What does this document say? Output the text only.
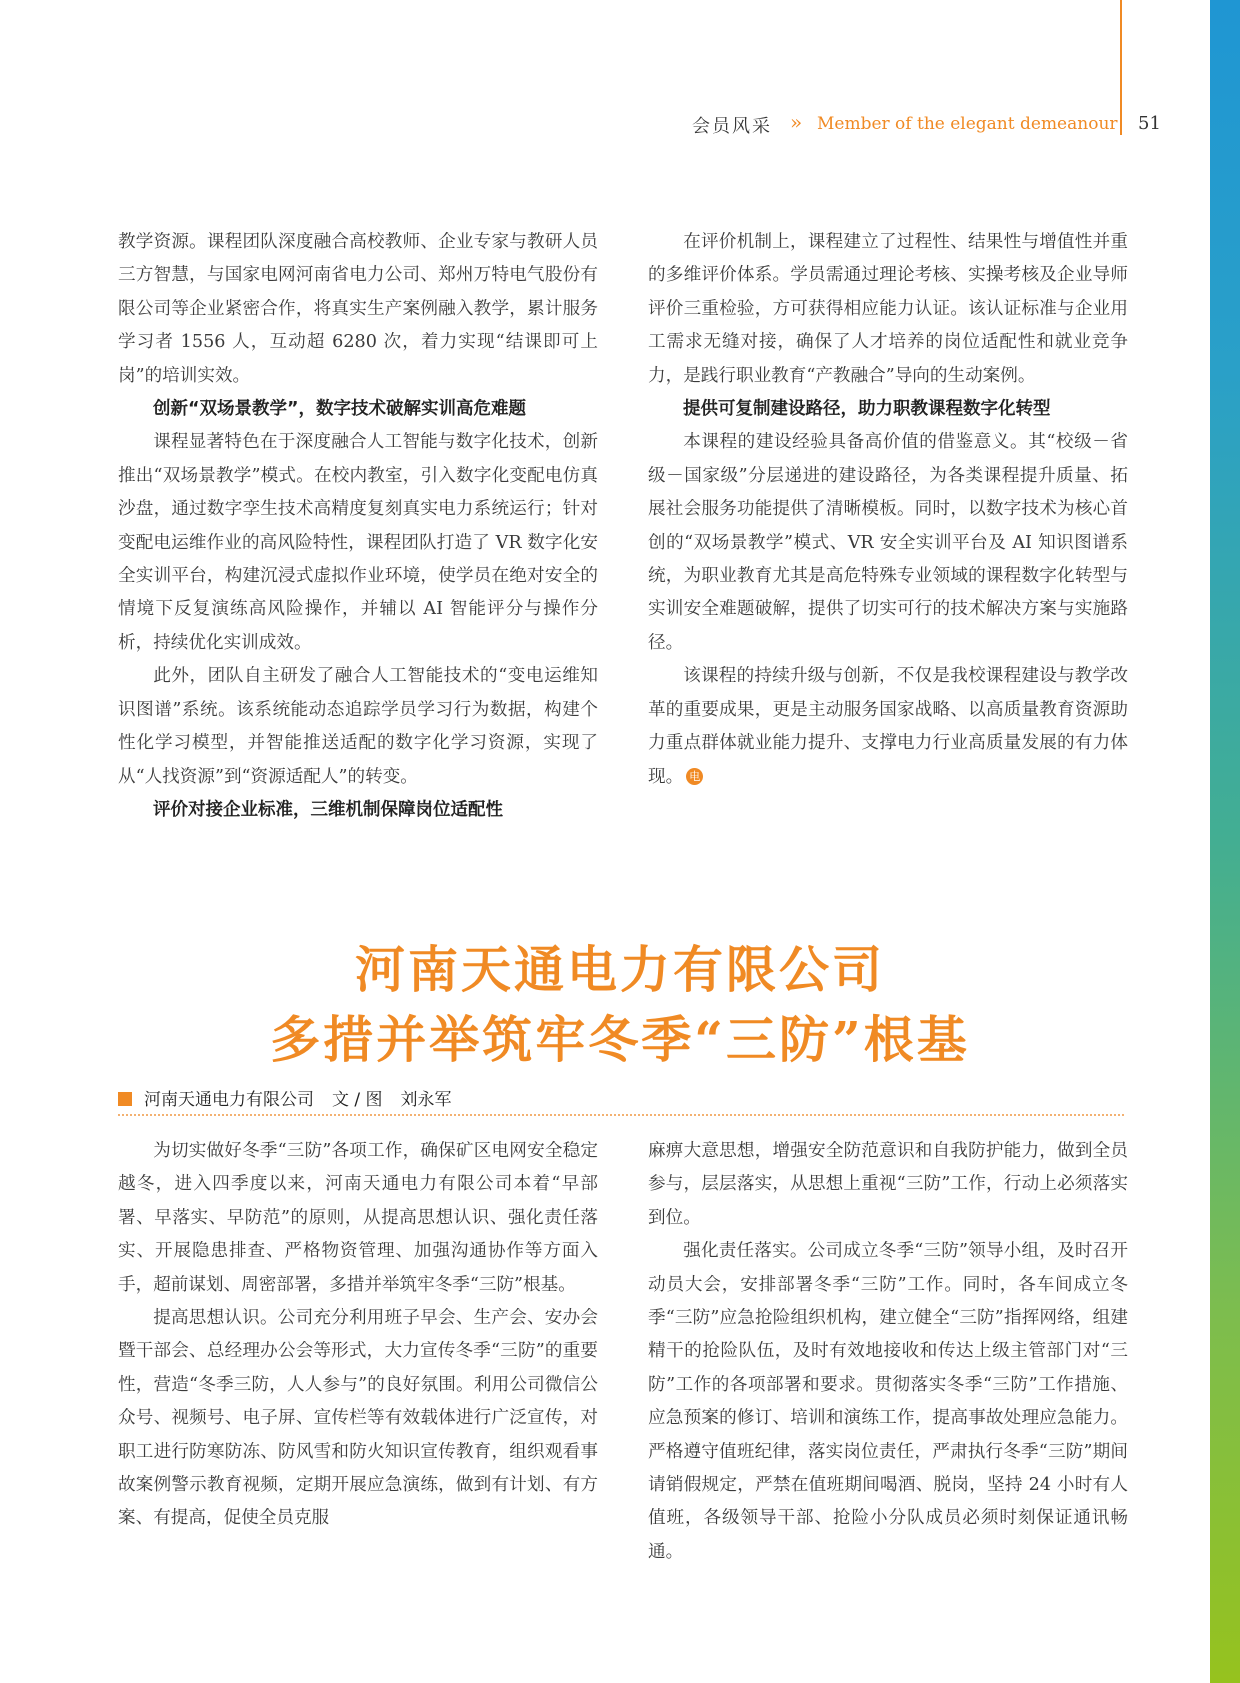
会员风采 » Member of the elegant demeanour 51

教学资源。课程团队深度融合高校教师、企业专家与教研人员三方智慧，与国家电网河南省电力公司、郑州万特电气股份有限公司等企业紧密合作，将真实生产案例融入教学，累计服务学习者 1556 人，互动超 6280 次，着力实现“结课即可上岗”的培训实效。

创新“双场景教学”，数字技术破解实训高危难题

课程显著特色在于深度融合人工智能与数字化技术，创新推出“双场景教学”模式。在校内教室，引入数字化变配电仿真沙盘，通过数字孪生技术高精度复刻真实电力系统运行；针对变配电运维作业的高风险特性，课程团队打造了 VR 数字化安全实训平台，构建沉浸式虚拟作业环境，使学员在绝对安全的情境下反复演练高风险操作，并辅以 AI 智能评分与操作分析，持续优化实训成效。

此外，团队自主研发了融合人工智能技术的“变电运维知识图谱”系统。该系统能动态追踪学员学习行为数据，构建个性化学习模型，并智能推送适配的数字化学习资源，实现了从“人找资源”到“资源适配人”的转变。

评价对接企业标准，三维机制保障岗位适配性

在评价机制上，课程建立了过程性、结果性与增值性并重的多维评价体系。学员需通过理论考核、实操考核及企业导师评价三重检验，方可获得相应能力认证。该认证标准与企业用工需求无缝对接，确保了人才培养的岗位适配性和就业竞争力，是践行职业教育“产教融合”导向的生动案例。

提供可复制建设路径，助力职教课程数字化转型

本课程的建设经验具备高价值的借鉴意义。其“校级－省级－国家级”分层递进的建设路径，为各类课程提升质量、拓展社会服务功能提供了清晰模板。同时，以数字技术为核心首创的“双场景教学”模式、VR 安全实训平台及 AI 知识图谱系统，为职业教育尤其是高危特殊专业领域的课程数字化转型与实训安全难题破解，提供了切实可行的技术解决方案与实施路径。

该课程的持续升级与创新，不仅是我校课程建设与教学改革的重要成果，更是主动服务国家战略、以高质量教育资源助力重点群体就业能力提升、支撑电力行业高质量发展的有力体现。 电

河南天通电力有限公司
多措并举筑牢冬季“三防”根基
河南天通电力有限公司 文 / 图 刘永军

为切实做好冬季“三防”各项工作，确保矿区电网安全稳定越冬，进入四季度以来，河南天通电力有限公司本着“早部署、早落实、早防范”的原则，从提高思想认识、强化责任落实、开展隐患排查、严格物资管理、加强沟通协作等方面入手，超前谋划、周密部署，多措并举筑牢冬季“三防”根基。

提高思想认识。公司充分利用班子早会、生产会、安办会暨干部会、总经理办公会等形式，大力宣传冬季“三防”的重要性，营造“冬季三防，人人参与”的良好氛围。利用公司微信公众号、视频号、电子屏、宣传栏等有效载体进行广泛宣传，对职工进行防寒防冻、防风雪和防火知识宣传教育，组织观看事故案例警示教育视频，定期开展应急演练，做到有计划、有方案、有提高，促使全员克服

麻痹大意思想，增强安全防范意识和自我防护能力，做到全员参与，层层落实，从思想上重视“三防”工作，行动上必须落实到位。

强化责任落实。公司成立冬季“三防”领导小组，及时召开动员大会，安排部署冬季“三防”工作。同时，各车间成立冬季“三防”应急抢险组织机构，建立健全“三防”指挥网络，组建精干的抢险队伍，及时有效地接收和传达上级主管部门对“三防”工作的各项部署和要求。贯彻落实冬季“三防”工作措施、应急预案的修订、培训和演练工作，提高事故处理应急能力。严格遵守值班纪律，落实岗位责任，严肃执行冬季“三防”期间请销假规定，严禁在值班期间喝酒、脱岗，坚持 24 小时有人值班，各级领导干部、抢险小分队成员必须时刻保证通讯畅通。
